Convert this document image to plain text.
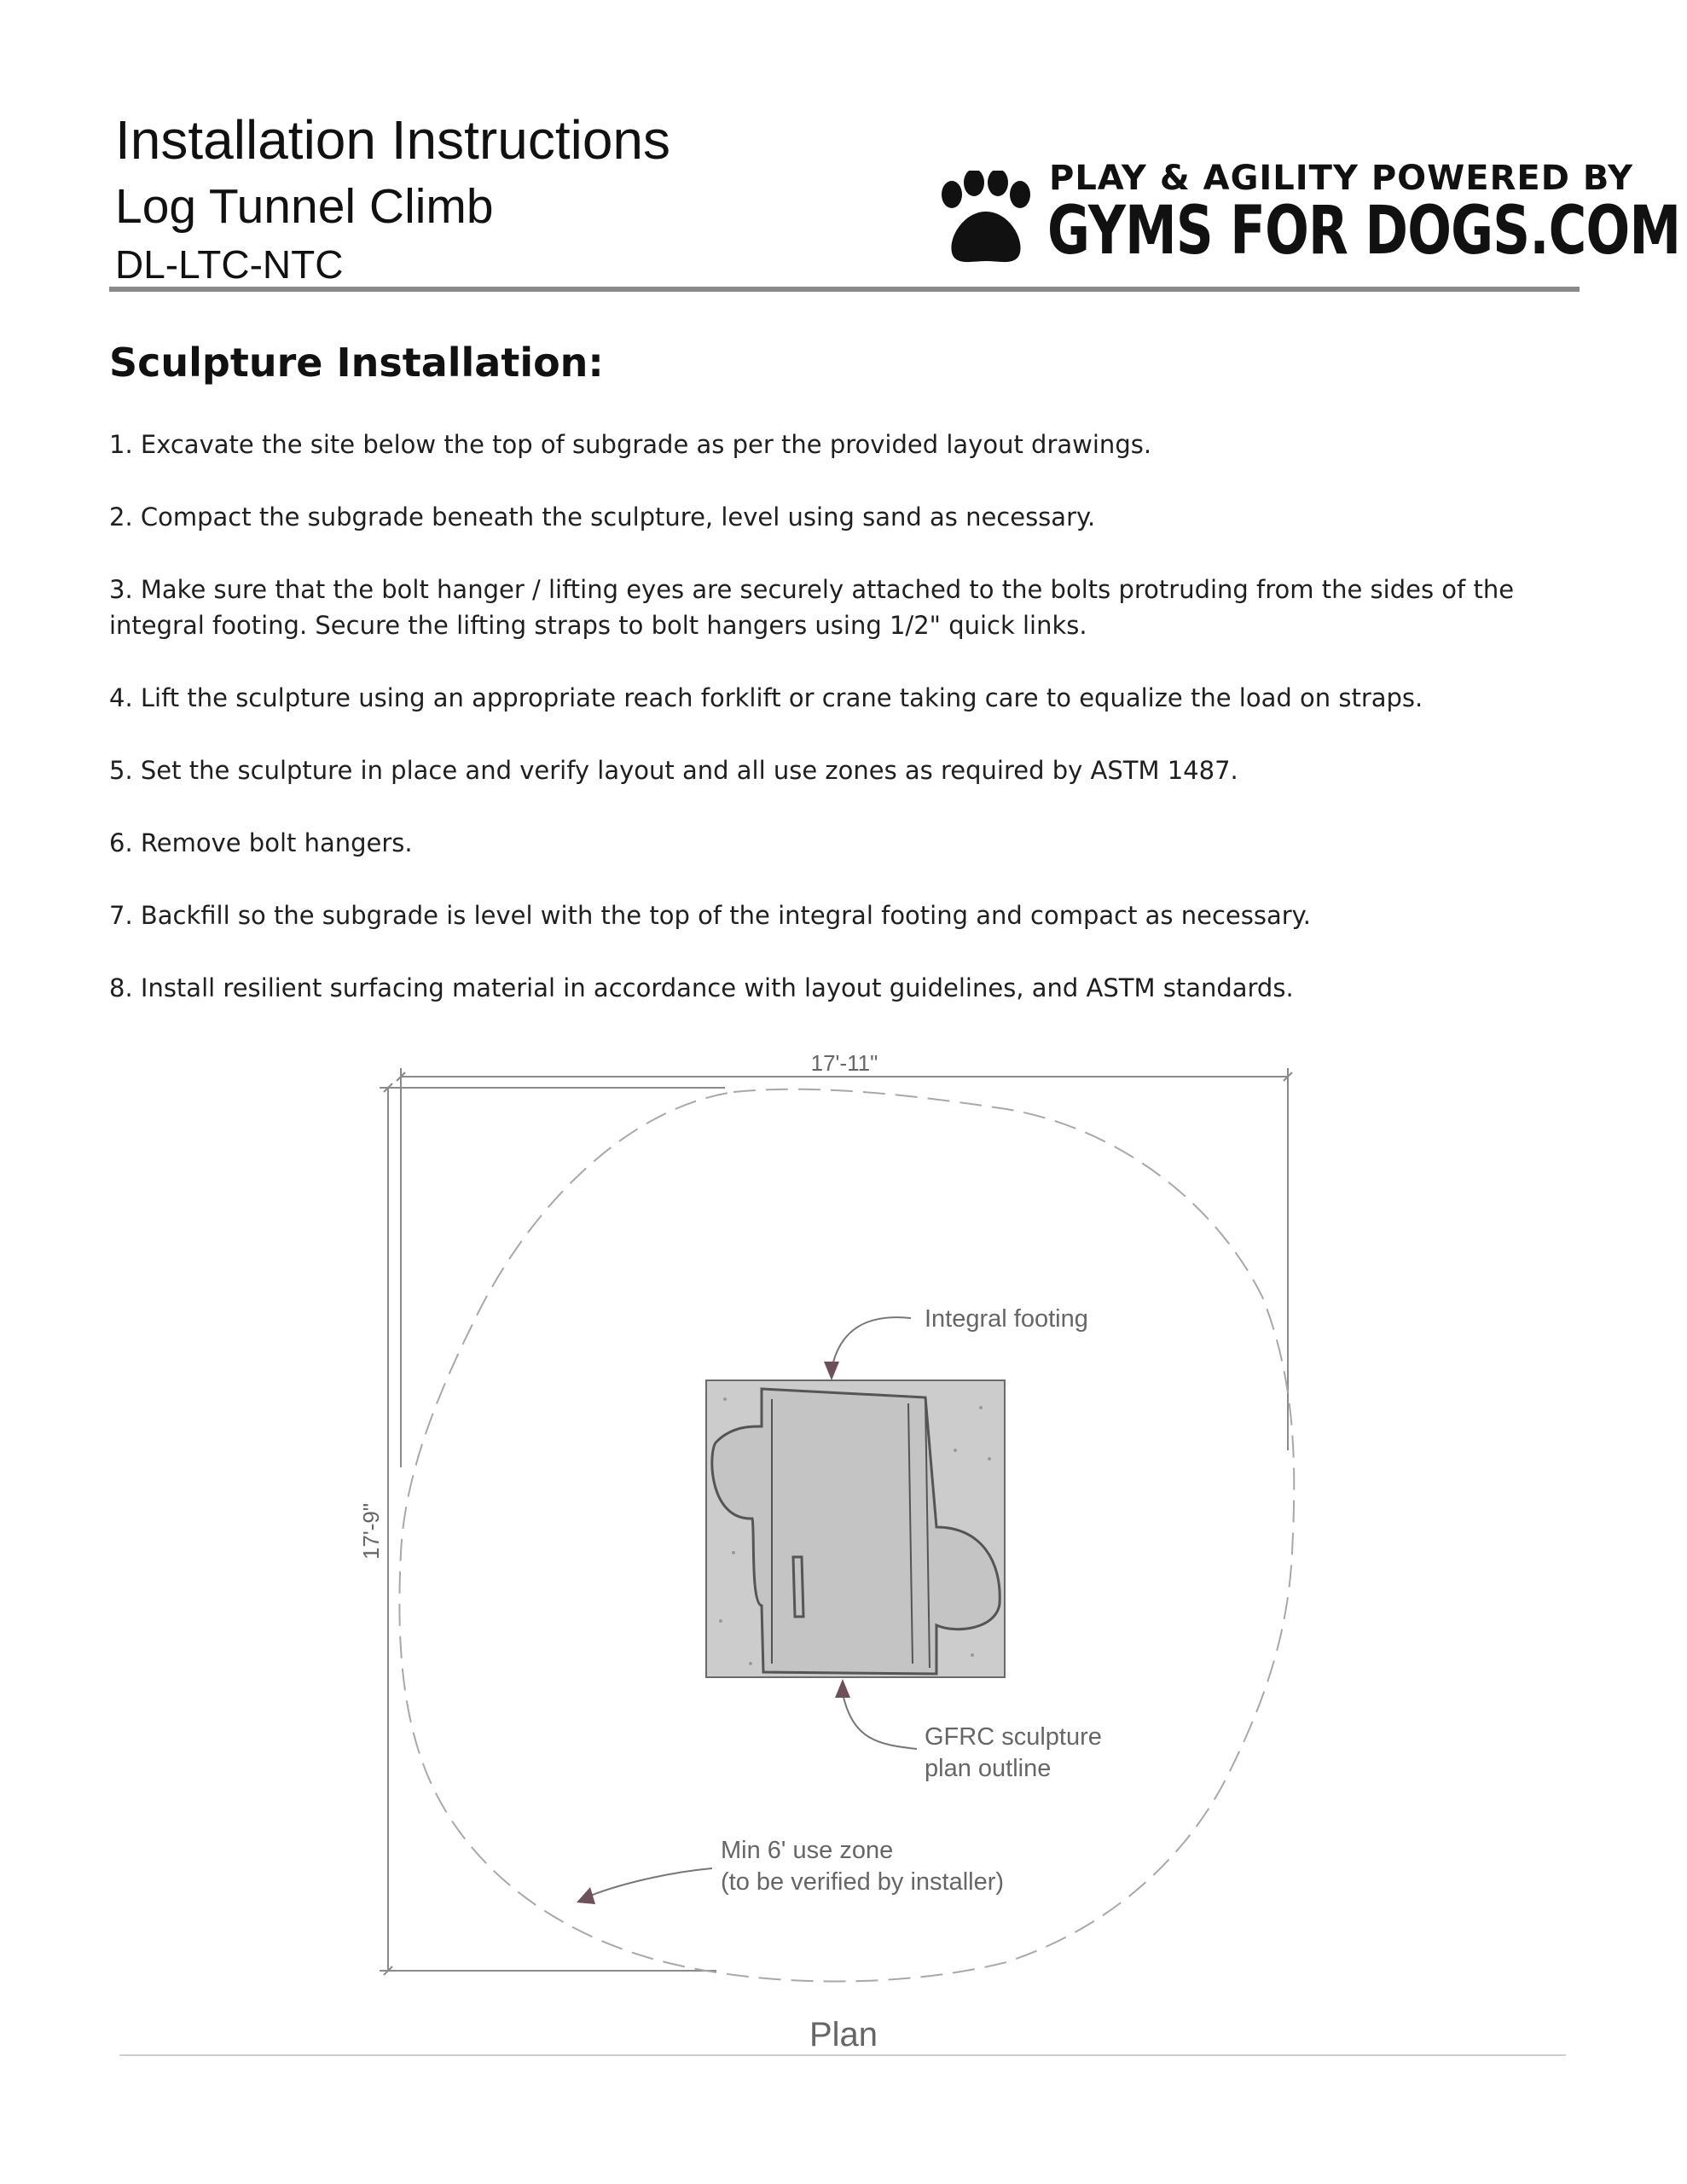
Installation Instructions
Log Tunnel Climb
DL-LTC-NTC
PLAY & AGILITY POWERED BY
GYMS FOR DOGS.COM
Sculpture Installation:
1. Excavate the site below the top of subgrade as per the provided layout drawings.
2. Compact the subgrade beneath the sculpture, level using sand as necessary.
3. Make sure that the bolt hanger / lifting eyes are securely attached to the bolts protruding from the sides of the integral footing. Secure the lifting straps to bolt hangers using 1/2" quick links.
4. Lift the sculpture using an appropriate reach forklift or crane taking care to equalize the load on straps.
5. Set the sculpture in place and verify layout and all use zones as required by ASTM 1487.
6. Remove bolt hangers.
7. Backfill so the subgrade is level with the top of the integral footing and compact as necessary.
8. Install resilient surfacing material in accordance with layout guidelines, and ASTM standards.
17'-11"
17'-9"
Integral footing
GFRC sculpture
plan outline
Min 6' use zone
(to be verified by installer)
Plan
